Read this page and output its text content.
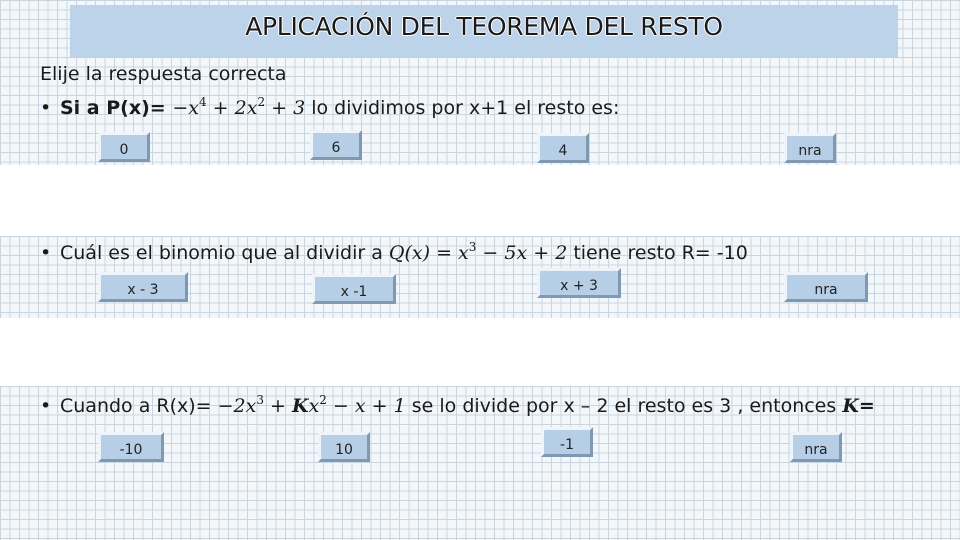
APLICACIÓN DEL TEOREMA DEL RESTO
Elije la respuesta correcta
• Si a $P(x)= -x^4 + 2x^2 + 3$ lo dividimos por x+1 el resto es:
0	6	4	nra
• Cuál es el binomio que al dividir a $Q(x) = x^3 - 5x + 2$ tiene resto R= -10
x - 3	x -1	x + 3	nra
• Cuando a $R(x)= -2x^3 + Kx^2 - x + 1$ se lo divide por x – 2 el resto es 3 , entonces K=
-10	10	-1	nra
